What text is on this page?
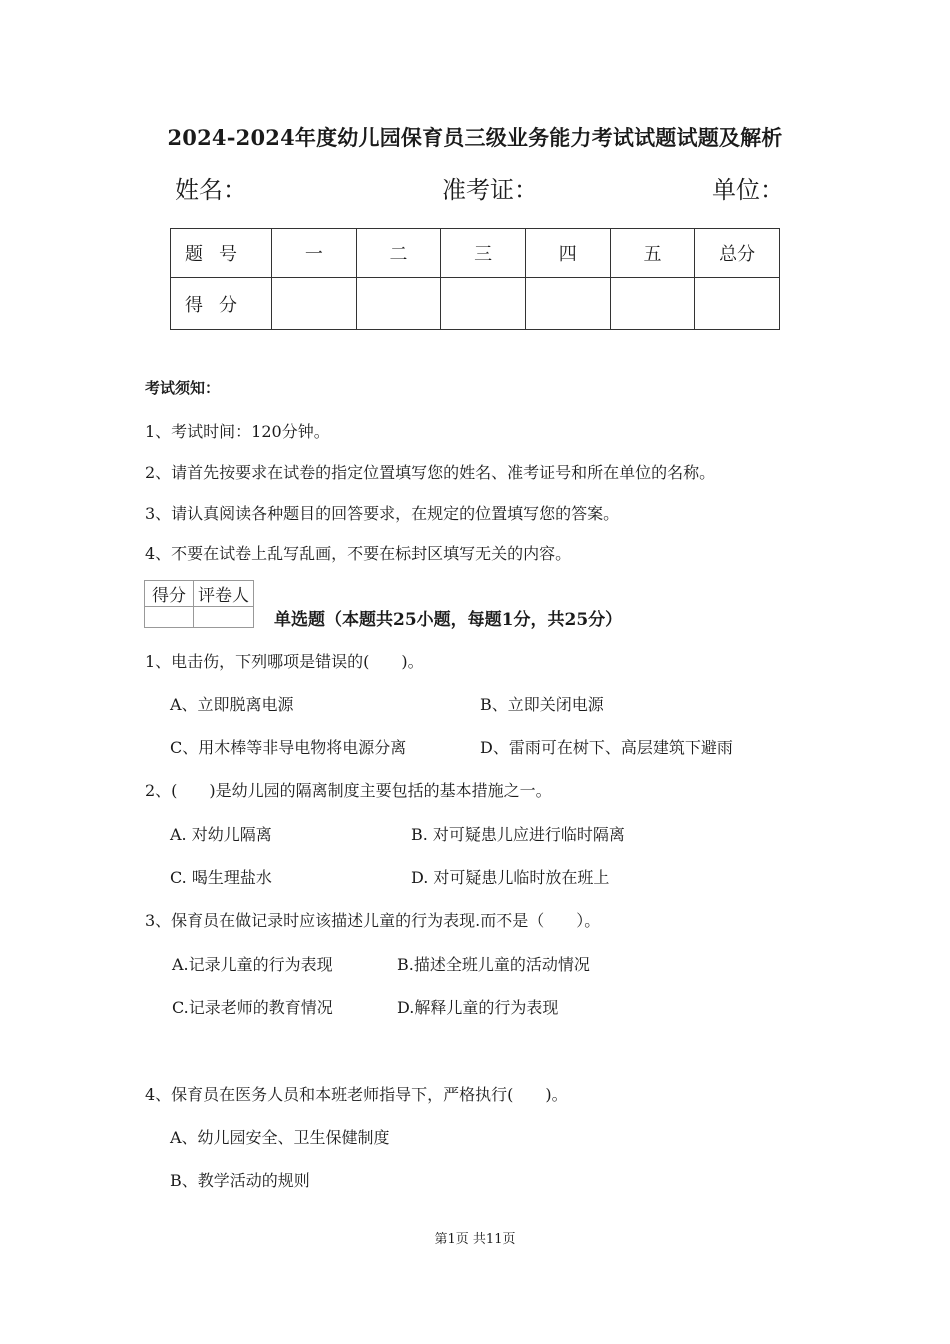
2024-2024年度幼儿园保育员三级业务能力考试试题试题及解析
姓名：	准考证：	单位：
题号	一	二	三	四	五	总分
得分						
考试须知：
1、考试时间：120分钟。
2、请首先按要求在试卷的指定位置填写您的姓名、准考证号和所在单位的名称。
3、请认真阅读各种题目的回答要求，在规定的位置填写您的答案。
4、不要在试卷上乱写乱画，不要在标封区填写无关的内容。
得分	评卷人

单选题（本题共25小题，每题1分，共25分）
1、电击伤，下列哪项是错误的(　　)。
A、立即脱离电源	B、立即关闭电源
C、用木棒等非导电物将电源分离	D、雷雨可在树下、高层建筑下避雨
2、(　　)是幼儿园的隔离制度主要包括的基本措施之一。
A. 对幼儿隔离	B. 对可疑患儿应进行临时隔离
C. 喝生理盐水	D. 对可疑患儿临时放在班上
3、保育员在做记录时应该描述儿童的行为表现.而不是（　　）。
A.记录儿童的行为表现	B.描述全班儿童的活动情况
C.记录老师的教育情况	D.解释儿童的行为表现
4、保育员在医务人员和本班老师指导下，严格执行(　　)。
A、幼儿园安全、卫生保健制度
B、教学活动的规则
第1页 共11页
